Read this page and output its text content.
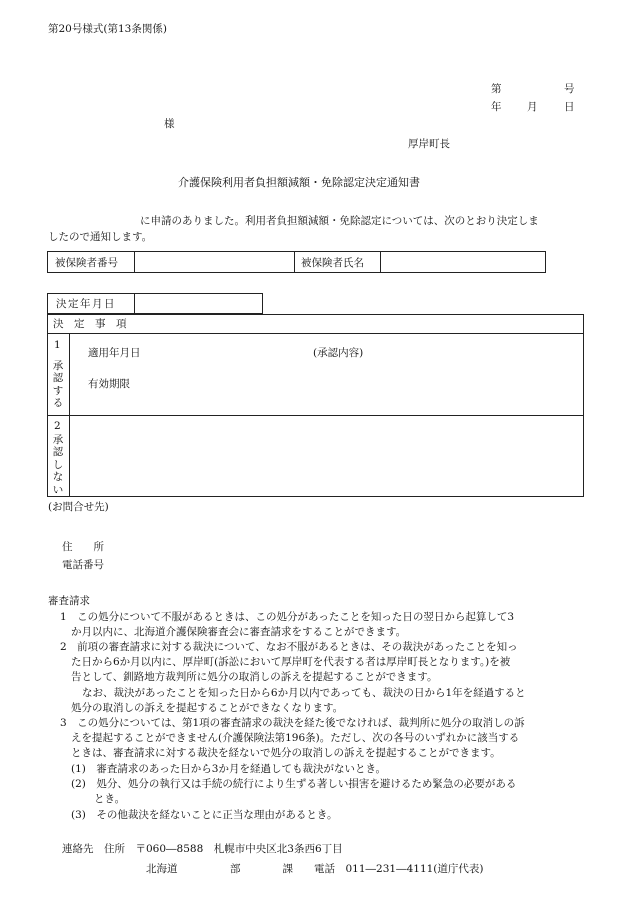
第20号様式(第13条関係)
第	号
年 月	日
様
厚岸町長
介護保険利用者負担額減額・免除認定決定通知書
に申請のありました。利用者負担額減額・免除認定については、次のとおり決定しま
したので通知します。
被保険者番号	被保険者氏名
決定年月日
決　定　事　項
1
承
認
す
る
適用年月日	(承認内容)
有効期限
2
承
認
し
な
い
(お問合せ先)
住　　所
電話番号
審査請求
1　この処分について不服があるときは、この処分があったことを知った日の翌日から起算して3
か月以内に、北海道介護保険審査会に審査請求をすることができます。
2　前項の審査請求に対する裁決について、なお不服があるときは、その裁決があったことを知っ
た日から6か月以内に、厚岸町(訴訟において厚岸町を代表する者は厚岸町長となります。)を被
告として、釧路地方裁判所に処分の取消しの訴えを提起することができます。
なお、裁決があったことを知った日から6か月以内であっても、裁決の日から1年を経過すると
処分の取消しの訴えを提起することができなくなります。
3　この処分については、第1項の審査請求の裁決を経た後でなければ、裁判所に処分の取消しの訴
えを提起することができません(介護保険法第196条)。ただし、次の各号のいずれかに該当する
ときは、審査請求に対する裁決を経ないで処分の取消しの訴えを提起することができます。
(1)　審査請求のあった日から3か月を経過しても裁決がないとき。
(2)　処分、処分の執行又は手続の続行により生ずる著しい損害を避けるため緊急の必要がある
とき。
(3)　その他裁決を経ないことに正当な理由があるとき。
連絡先　住所　〒060―8588　札幌市中央区北3条西6丁目
北海道　　　　　部　　　　課　　電話　011―231―4111(道庁代表)
